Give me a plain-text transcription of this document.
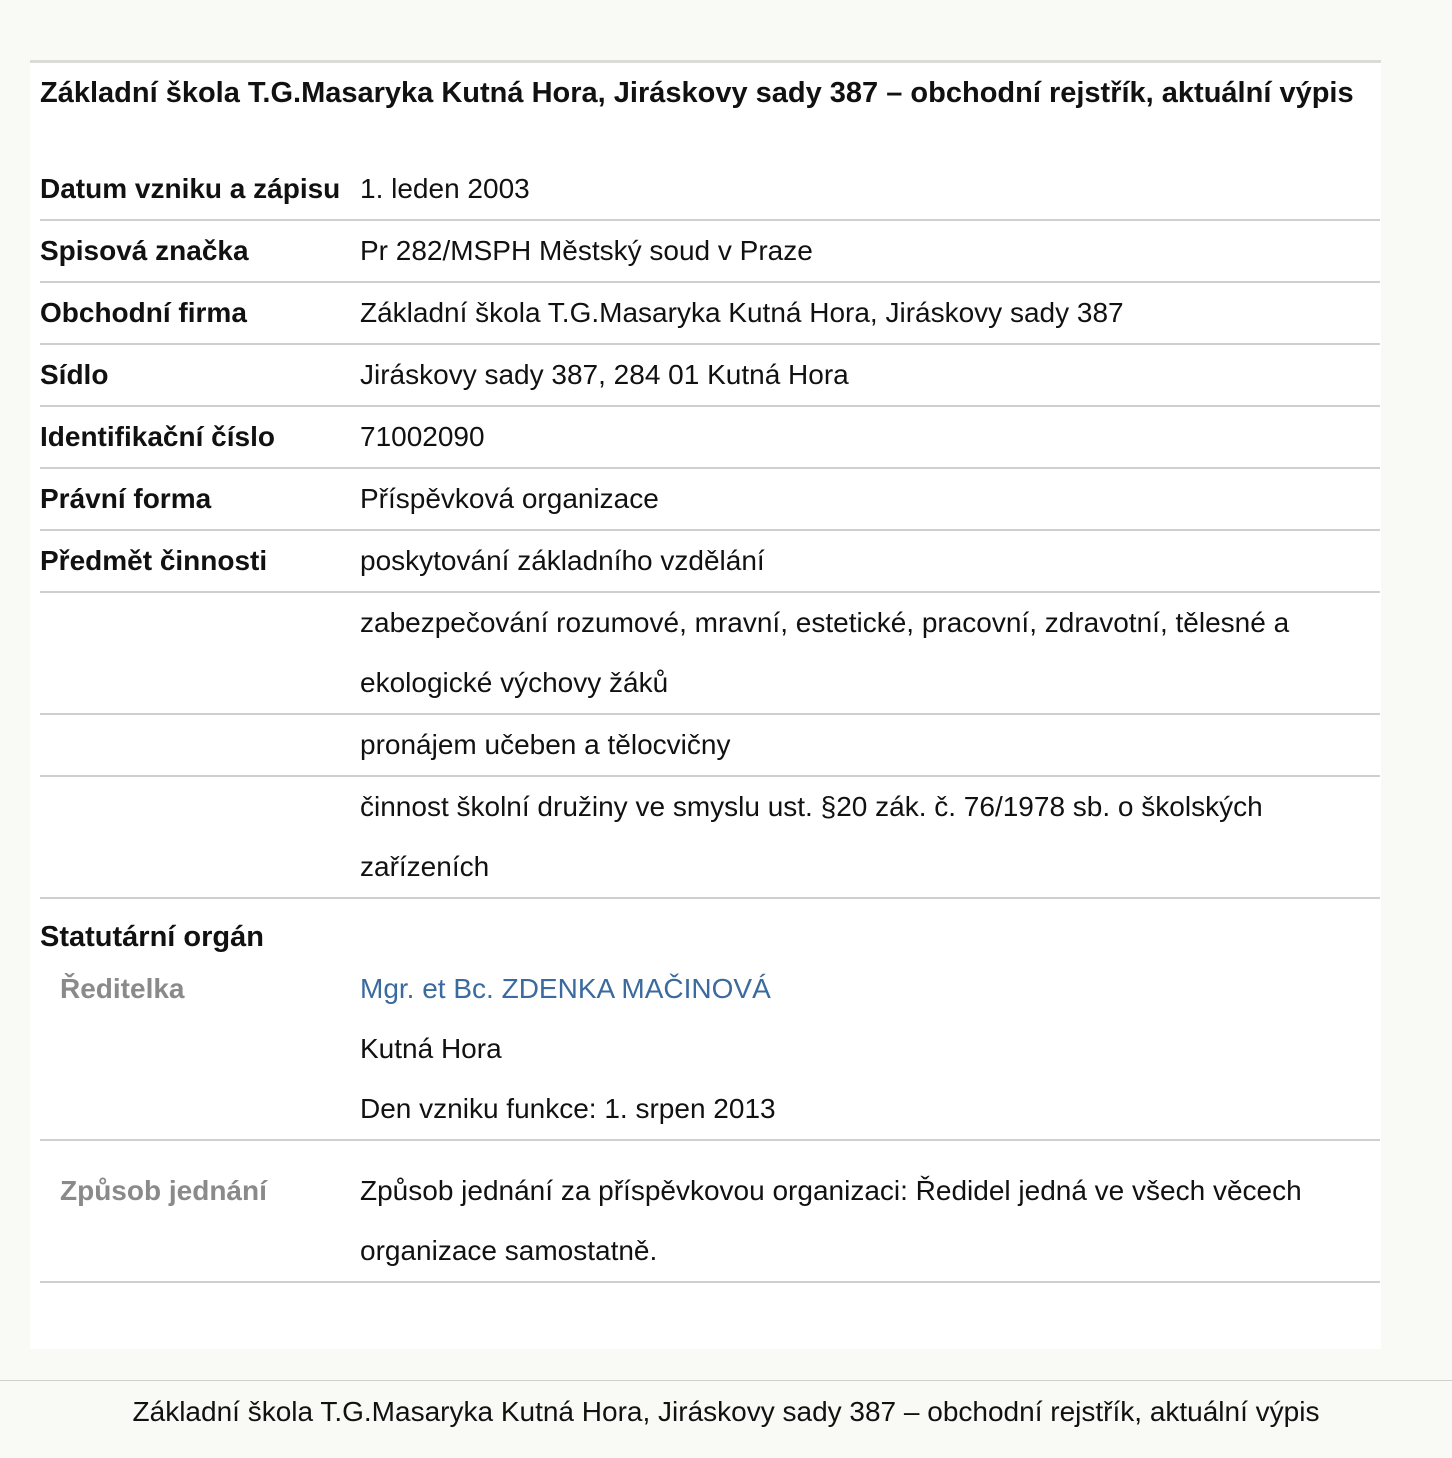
Základní škola T.G.Masaryka Kutná Hora, Jiráskovy sady 387 – obchodní rejstřík, aktuální výpis
Datum vzniku a zápisu 1. leden 2003
Spisová značka	Pr 282/MSPH Městský soud v Praze
Obchodní firma	Základní škola T.G.Masaryka Kutná Hora, Jiráskovy sady 387
Sídlo	Jiráskovy sady 387, 284 01 Kutná Hora
Identifikační číslo	71002090
Právní forma	Příspěvková organizace
Předmět činnosti	poskytování základního vzdělání
zabezpečování rozumové, mravní, estetické, pracovní, zdravotní, tělesné a ekologické výchovy žáků
pronájem učeben a tělocvičny
činnost školní družiny ve smyslu ust. §20 zák. č. 76/1978 sb. o školských zařízeních
Statutární orgán
Ředitelka	Mgr. et Bc. ZDENKA MAČINOVÁ
Kutná Hora
Den vzniku funkce: 1. srpen 2013
Způsob jednání	Způsob jednání za příspěvkovou organizaci: Ředidel jedná ve všech věcech organizace samostatně.
Základní škola T.G.Masaryka Kutná Hora, Jiráskovy sady 387 – obchodní rejstřík, aktuální výpis
